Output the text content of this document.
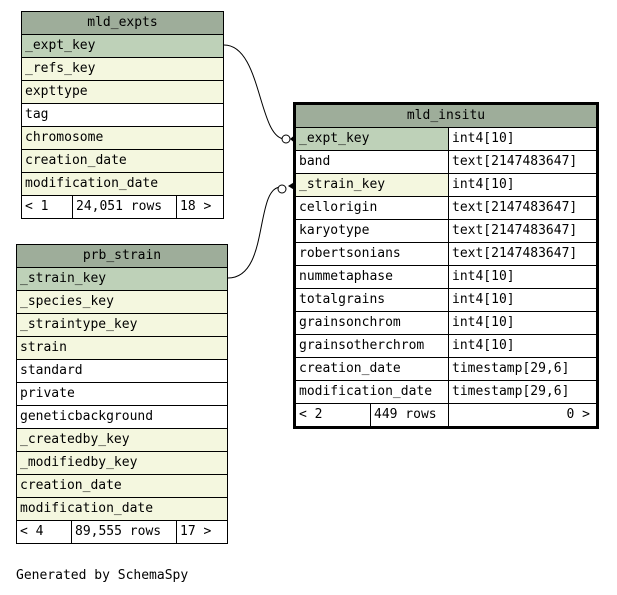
mld_expts
_expt_key
_refs_key
expttype
tag
chromosome
creation_date
modification_date
< 1	24,051 rows	18 >
prb_strain
_strain_key
_species_key
_straintype_key
strain
standard
private
geneticbackground
_createdby_key
_modifiedby_key
creation_date
modification_date
< 4	89,555 rows	17 >
mld_insitu
_expt_key	int4[10]
band	text[2147483647]
_strain_key	int4[10]
cellorigin	text[2147483647]
karyotype	text[2147483647]
robertsonians	text[2147483647]
nummetaphase	int4[10]
totalgrains	int4[10]
grainsonchrom	int4[10]
grainsotherchrom	int4[10]
creation_date	timestamp[29,6]
modification_date	timestamp[29,6]
< 2	449 rows	0 >
Generated by SchemaSpy
